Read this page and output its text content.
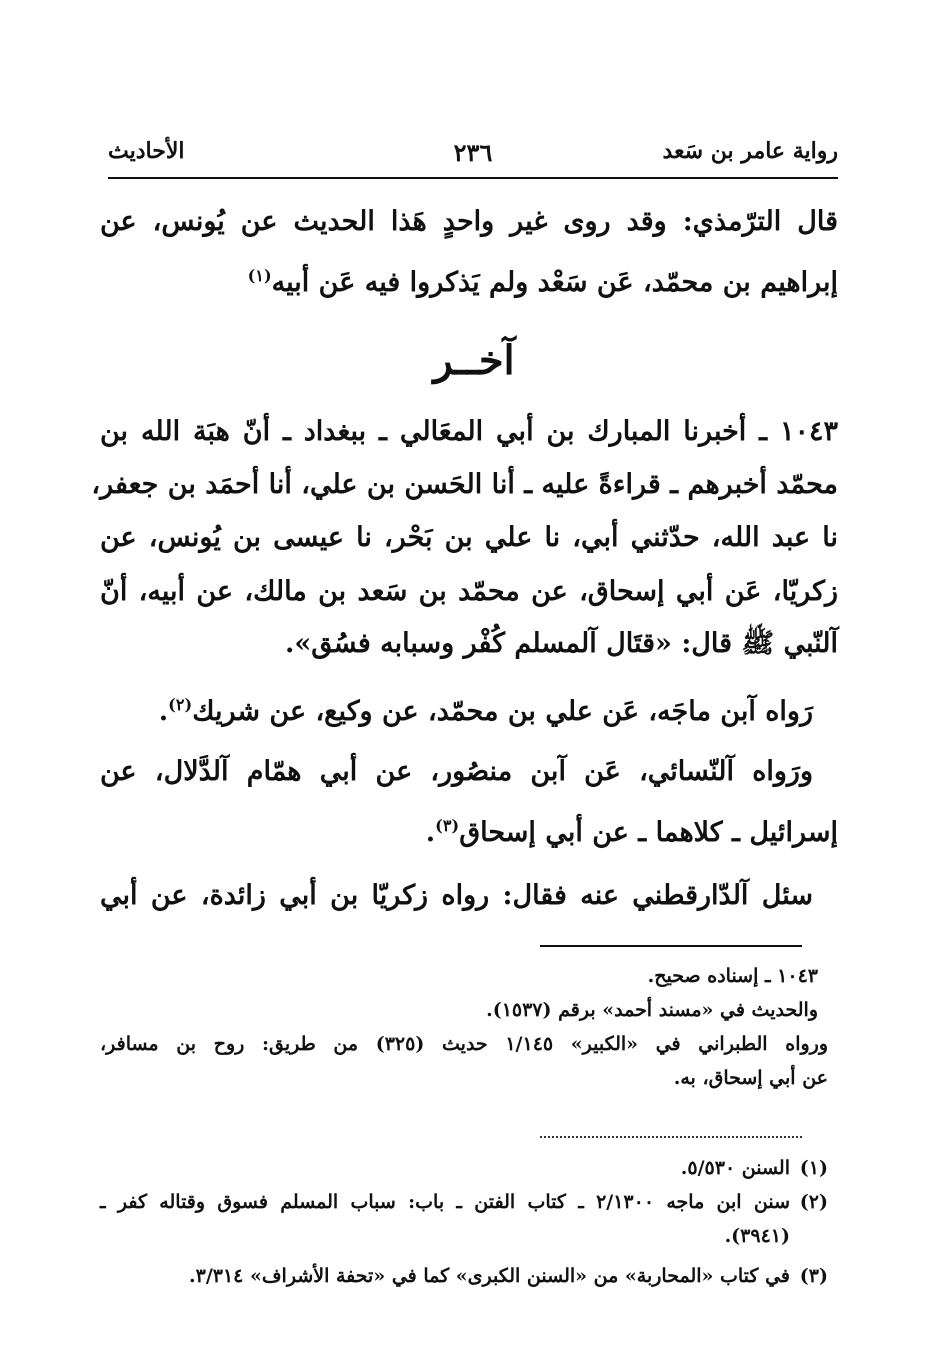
رواية عامر بن سَعد
٢٣٦
الأحاديث
قال الترّمذي: وقد روى غير واحدٍ هَذا الحديث عن يُونس، عن
إبراهيم بن محمّد، عَن سَعْد ولم يَذكروا فيه عَن أبيه$^{(١)}$
آخــر
١٠٤٣ ـ أخبرنا المبارك بن أبي المعَالي ـ ببغداد ـ أنّ هبَة الله بن
محمّد أخبرهم ـ قراءةً عليه ـ أنا الحَسن بن علي، أنا أحمَد بن جعفر،
نا عبد الله، حدّثني أبي، نا علي بن بَحْر، نا عيسى بن يُونس، عن
زكريّا، عَن أبي إسحاق، عن محمّد بن سَعد بن مالك، عن أبيه، أنّ
آلنّبي ﷺ قال: «قتَال آلمسلم كُفْر وسبابه فسُق».
رَواه آبن ماجَه، عَن علي بن محمّد، عن وكيع، عن شريك$^{(٢)}$.
ورَواه آلنّسائي، عَن آبن منصُور، عن أبي همّام آلدَّلال، عن
إسرائيل ـ كلاهما ـ عن أبي إسحاق$^{(٣)}$.
سئل آلدّارقطني عنه فقال: رواه زكريّا بن أبي زائدة، عن أبي
١٠٤٣ ـ إسناده صحيح.
والحديث في «مسند أحمد» برقم (١٥٣٧).
ورواه الطبراني في «الكبير» ١/١٤٥ حديث (٣٢٥) من طريق: روح بن مسافر،
عن أبي إسحاق، به.
(١)السنن ٥/٥٣٠.
(٢)سنن ابن ماجه ٢/١٣٠٠ ـ كتاب الفتن ـ باب: سباب المسلم فسوق وقتاله كفر ـ
(٣٩٤١).
(٣)في كتاب «المحاربة» من «السنن الكبرى» كما في «تحفة الأشراف» ٣/٣١٤.
